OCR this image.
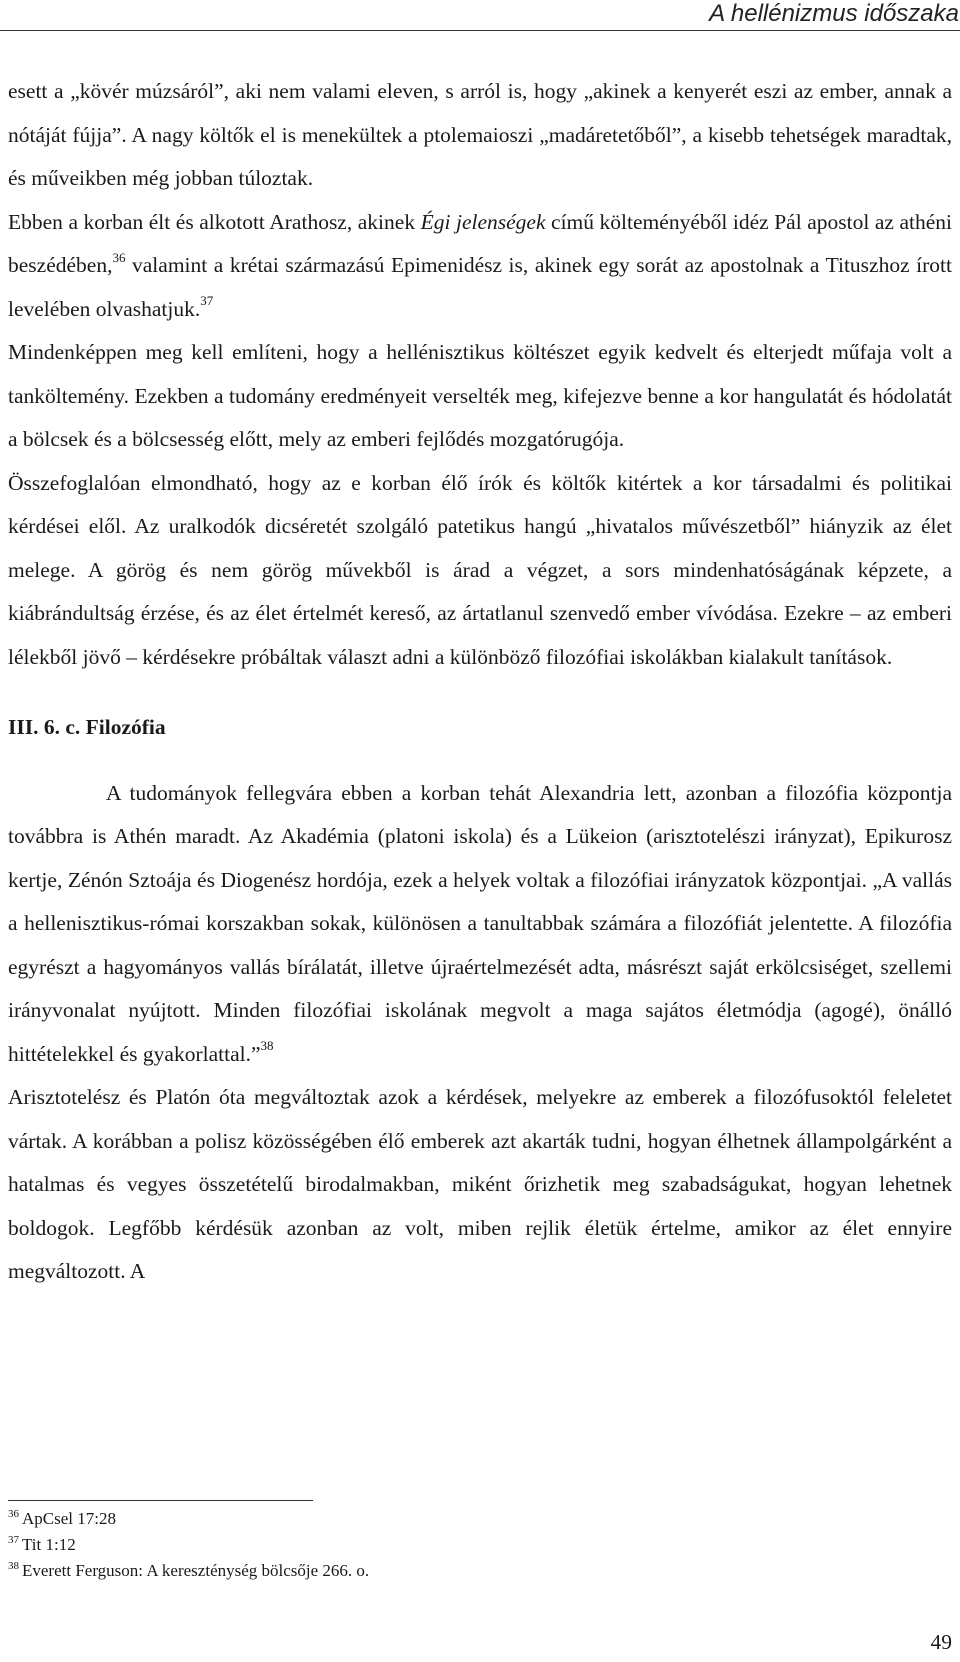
A hellénizmus időszaka

esett a „kövér múzsáról”, aki nem valami eleven, s arról is, hogy „akinek a kenyerét eszi az ember, annak a nótáját fújja”. A nagy költők el is menekültek a ptolemaioszi „madáretetőből”, a kisebb tehetségek maradtak, és műveikben még jobban túloztak.

Ebben a korban élt és alkotott Arathosz, akinek Égi jelenségek című költeményéből idéz Pál apostol az athéni beszédében,$^{36}$ valamint a krétai származású Epimenidész is, akinek egy sorát az apostolnak a Tituszhoz írott levelében olvashatjuk.$^{37}$

Mindenképpen meg kell említeni, hogy a hellénisztikus költészet egyik kedvelt és elterjedt műfaja volt a tanköltemény. Ezekben a tudomány eredményeit verselték meg, kifejezve benne a kor hangulatát és hódolatát a bölcsek és a bölcsesség előtt, mely az emberi fejlődés mozgatórugója.

Összefoglalóan elmondható, hogy az e korban élő írók és költők kitértek a kor társadalmi és politikai kérdései elől. Az uralkodók dicséretét szolgáló patetikus hangú „hivatalos művészetből” hiányzik az élet melege. A görög és nem görög művekből is árad a végzet, a sors mindenhatóságának képzete, a kiábrándultság érzése, és az élet értelmét kereső, az ártatlanul szenvedő ember vívódása. Ezekre – az emberi lélekből jövő – kérdésekre próbáltak választ adni a különböző filozófiai iskolákban kialakult tanítások.

III. 6. c. Filozófia

A tudományok fellegvára ebben a korban tehát Alexandria lett, azonban a filozófia központja továbbra is Athén maradt. Az Akadémia (platoni iskola) és a Lükeion (arisztotelészi irányzat), Epikurosz kertje, Zénón Sztoája és Diogenész hordója, ezek a helyek voltak a filozófiai irányzatok központjai. „A vallás a hellenisztikus-római korszakban sokak, különösen a tanultabbak számára a filozófiát jelentette. A filozófia egyrészt a hagyományos vallás bírálatát, illetve újraértelmezését adta, másrészt saját erkölcsiséget, szellemi irányvonalat nyújtott. Minden filozófiai iskolának megvolt a maga sajátos életmódja (agogé), önálló hittételekkel és gyakorlattal.”$^{38}$

Arisztotelész és Platón óta megváltoztak azok a kérdések, melyekre az emberek a filozófusoktól feleletet vártak. A korábban a polisz közösségében élő emberek azt akarták tudni, hogyan élhetnek állampolgárként a hatalmas és vegyes összetételű birodalmakban, miként őrizhetik meg szabadságukat, hogyan lehetnek boldogok. Legfőbb kérdésük azonban az volt, miben rejlik életük értelme, amikor az élet ennyire megváltozott. A

$^{36}$ ApCsel 17:28
$^{37}$ Tit 1:12
$^{38}$ Everett Ferguson: A kereszténység bölcsője 266. o.
49
